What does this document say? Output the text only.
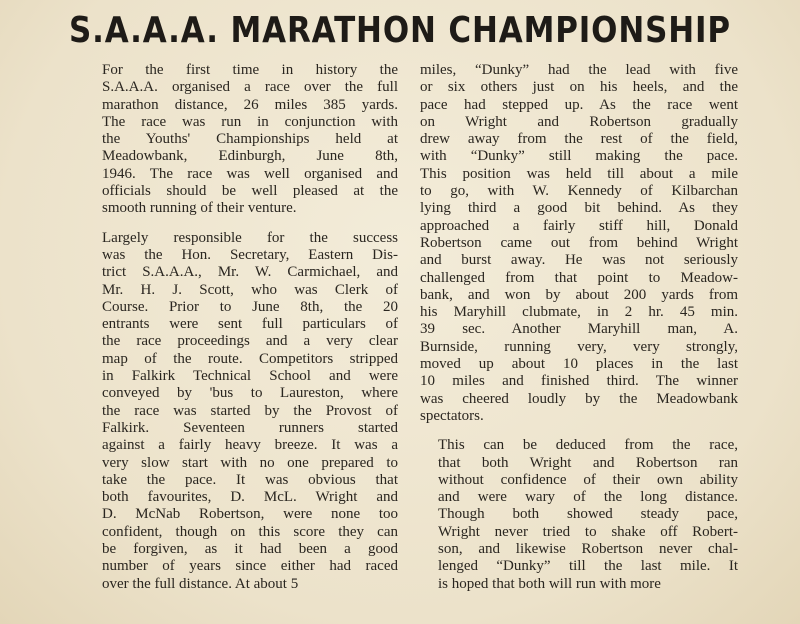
S.A.A.A. MARATHON CHAMPIONSHIP
For the first time in history the
S.A.A.A. organised a race over the full
marathon distance, 26 miles 385 yards.
The race was run in conjunction with
the Youths' Championships held at
Meadowbank, Edinburgh, June 8th,
1946. The race was well organised and
officials should be well pleased at the
smooth running of their venture.
Largely responsible for the success
was the Hon. Secretary, Eastern Dis-
trict S.A.A.A., Mr. W. Carmichael, and
Mr. H. J. Scott, who was Clerk of
Course. Prior to June 8th, the 20
entrants were sent full particulars of
the race proceedings and a very clear
map of the route. Competitors stripped
in Falkirk Technical School and were
conveyed by 'bus to Laureston, where
the race was started by the Provost of
Falkirk. Seventeen runners started
against a fairly heavy breeze. It was a
very slow start with no one prepared to
take the pace. It was obvious that
both favourites, D. McL. Wright and
D. McNab Robertson, were none too
confident, though on this score they can
be forgiven, as it had been a good
number of years since either had raced
over the full distance. At about 5
miles, “Dunky” had the lead with five
or six others just on his heels, and the
pace had stepped up. As the race went
on Wright and Robertson gradually
drew away from the rest of the field,
with “Dunky” still making the pace.
This position was held till about a mile
to go, with W. Kennedy of Kilbarchan
lying third a good bit behind. As they
approached a fairly stiff hill, Donald
Robertson came out from behind Wright
and burst away. He was not seriously
challenged from that point to Meadow-
bank, and won by about 200 yards from
his Maryhill clubmate, in 2 hr. 45 min.
39 sec. Another Maryhill man, A.
Burnside, running very, very strongly,
moved up about 10 places in the last
10 miles and finished third. The winner
was cheered loudly by the Meadowbank
spectators.
This can be deduced from the race,
that both Wright and Robertson ran
without confidence of their own ability
and were wary of the long distance.
Though both showed steady pace,
Wright never tried to shake off Robert-
son, and likewise Robertson never chal-
lenged “Dunky” till the last mile. It
is hoped that both will run with more
